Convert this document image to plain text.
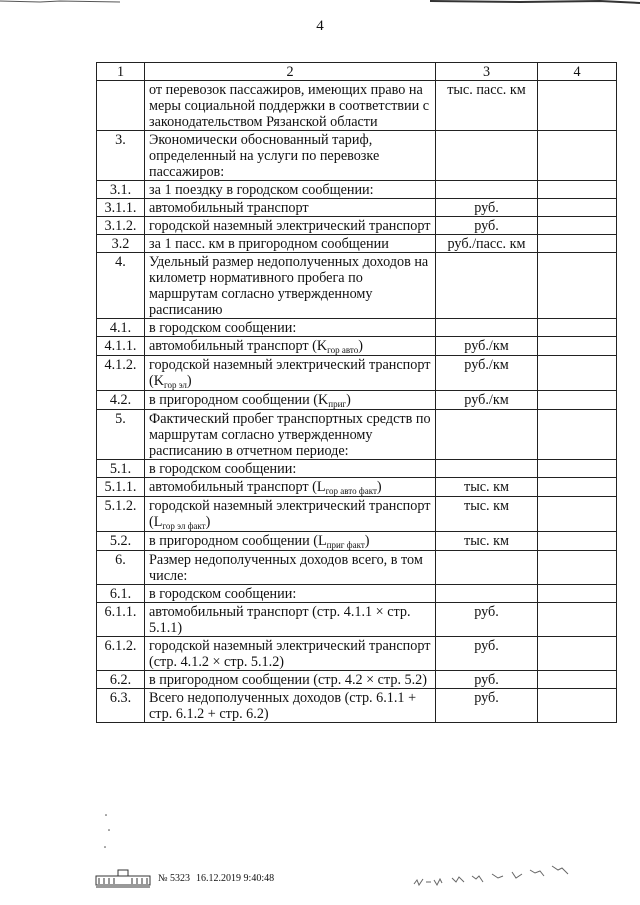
4
1	2	3	4
	от перевозок пассажиров, имеющих право на меры социальной поддержки в соответствии с законодательством Рязанской области	тыс. пасс. км	
3.	Экономически обоснованный тариф, определенный на услуги по перевозке пассажиров:		
3.1.	за 1 поездку в городском сообщении:		
3.1.1.	автомобильный транспорт	руб.	
3.1.2.	городской наземный электрический транспорт	руб.	
3.2	за 1 пасс. км в пригородном сообщении	руб./пасс. км	
4.	Удельный размер недополученных доходов на километр нормативного пробега по маршрутам согласно утвержденному расписанию		
4.1.	в городском сообщении:		
4.1.1.	автомобильный транспорт $(K_{гор авто})$	руб./км	
4.1.2.	городской наземный электрический транспорт $(K_{гор эл})$	руб./км	
4.2.	в пригородном сообщении $(K_{приг})$	руб./км	
5.	Фактический пробег транспортных средств по маршрутам согласно утвержденному расписанию в отчетном периоде:		
5.1.	в городском сообщении:		
5.1.1.	автомобильный транспорт $(L_{гор авто факт})$	тыс. км	
5.1.2.	городской наземный электрический транспорт $(L_{гор эл факт})$	тыс. км	
5.2.	в пригородном сообщении $(L_{приг факт})$	тыс. км	
6.	Размер недополученных доходов всего, в том числе:		
6.1.	в городском сообщении:		
6.1.1.	автомобильный транспорт (стр. 4.1.1 × стр. 5.1.1)	руб.	
6.1.2.	городской наземный электрический транспорт (стр. 4.1.2 × стр. 5.1.2)	руб.	
6.2.	в пригородном сообщении (стр. 4.2 × стр. 5.2)	руб.	
6.3.	Всего недополученных доходов (стр. 6.1.1 + стр. 6.1.2 + стр. 6.2)	руб.	
№ 5323 16.12.2019 9:40:48
